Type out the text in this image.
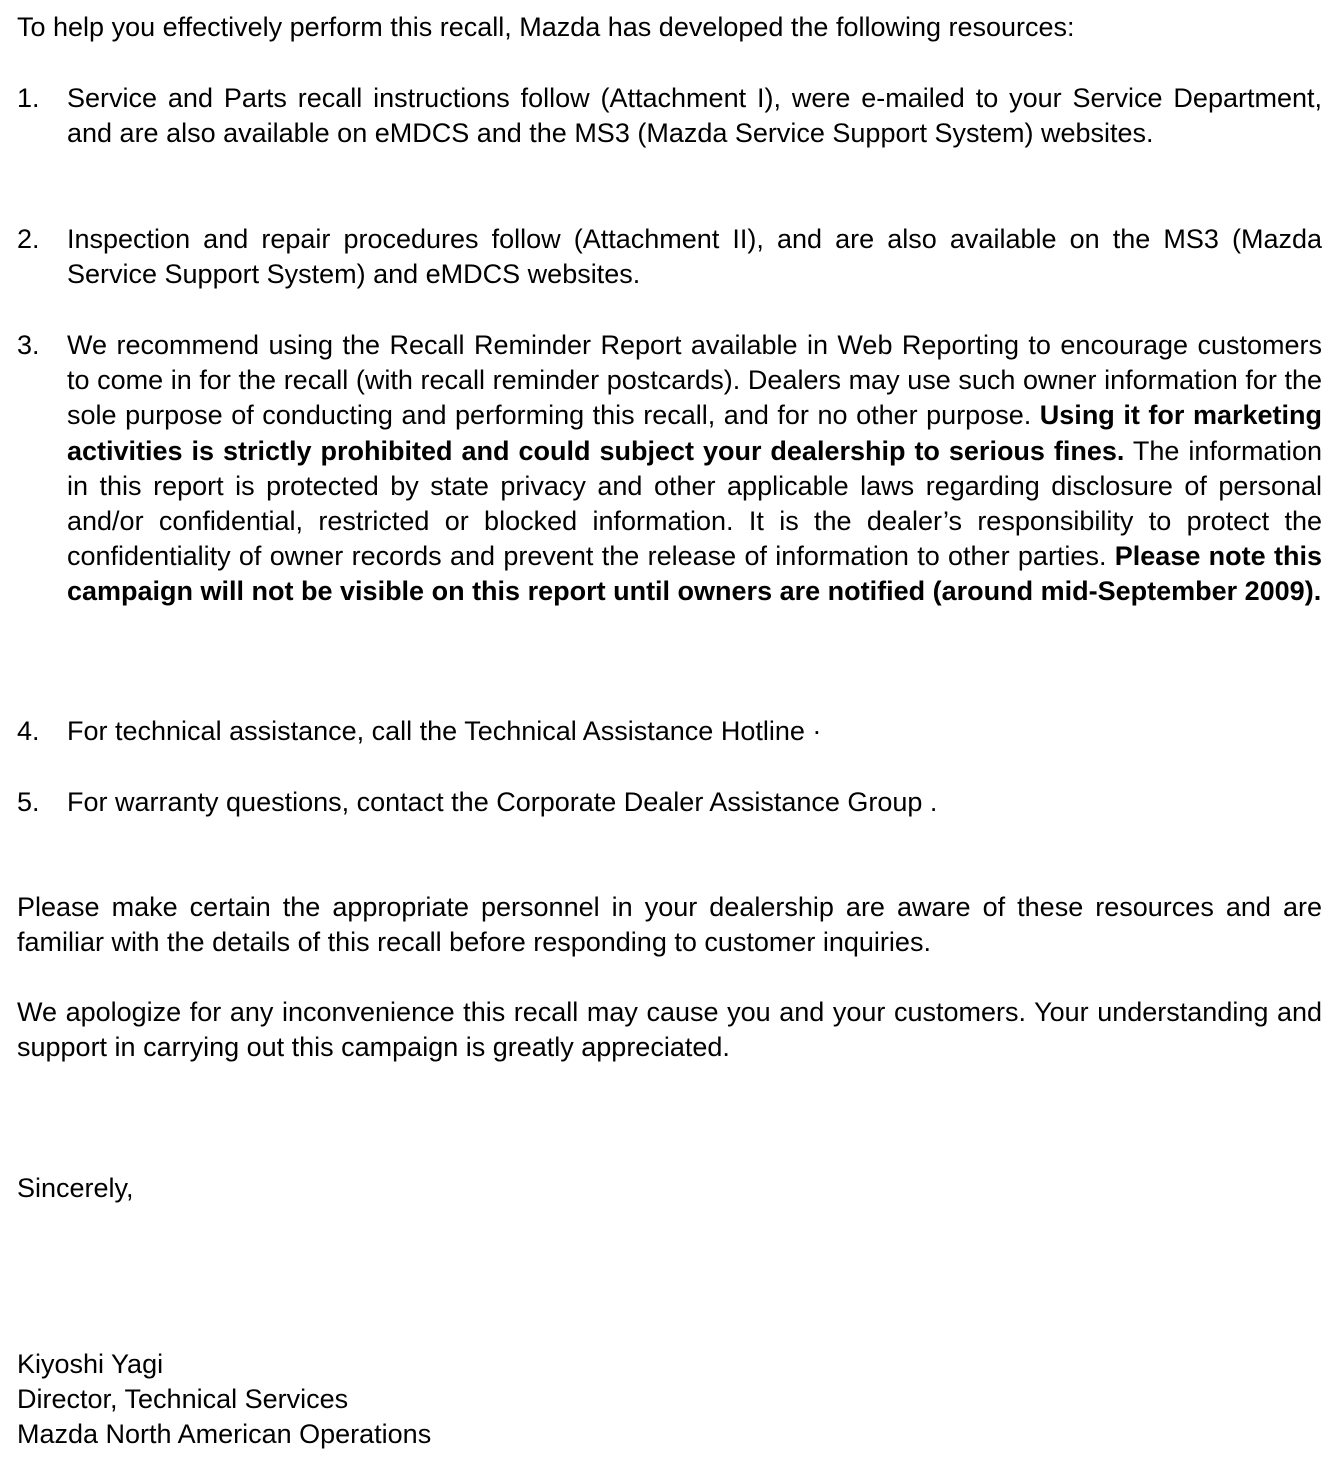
To help you effectively perform this recall, Mazda has developed the following resources:

1.	Service and Parts recall instructions follow (Attachment I), were e-mailed to your Service Department, and are also available on eMDCS and the MS3 (Mazda Service Support System) websites.
2.	Inspection and repair procedures follow (Attachment II), and are also available on the MS3 (Mazda Service Support System) and eMDCS websites.
3.	We recommend using the Recall Reminder Report available in Web Reporting to encourage customers to come in for the recall (with recall reminder postcards). Dealers may use such owner information for the sole purpose of conducting and performing this recall, and for no other purpose. Using it for marketing activities is strictly prohibited and could subject your dealership to serious fines. The information in this report is protected by state privacy and other applicable laws regarding disclosure of personal and/or confidential, restricted or blocked information. It is the dealer’s responsibility to protect the confidentiality of owner records and prevent the release of information to other parties. Please note this campaign will not be visible on this report until owners are notified (around mid-September 2009).
4.	For technical assistance, call the Technical Assistance Hotline ·
5.	For warranty questions, contact the Corporate Dealer Assistance Group .

Please make certain the appropriate personnel in your dealership are aware of these resources and are familiar with the details of this recall before responding to customer inquiries.

We apologize for any inconvenience this recall may cause you and your customers. Your understanding and support in carrying out this campaign is greatly appreciated.

Sincerely,

Kiyoshi Yagi

Director, Technical Services

Mazda North American Operations
